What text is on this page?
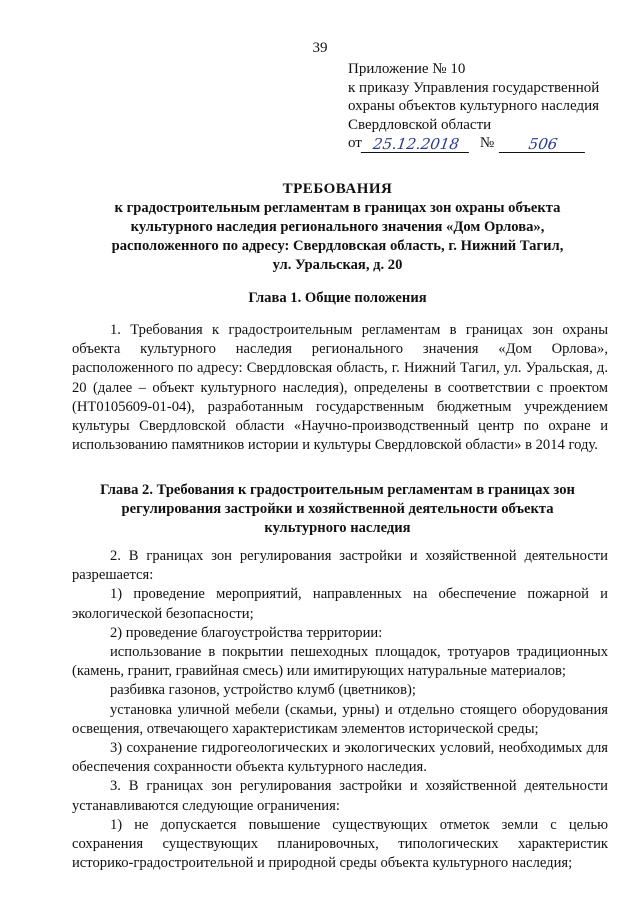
39
Приложение № 10
к приказу Управления государственной
охраны объектов культурного наследия
Свердловской области
от 25.12.2018	№	506
ТРЕБОВАНИЯ
к градостроительным регламентам в границах зон охраны объекта
культурного наследия регионального значения «Дом Орлова»,
расположенного по адресу: Свердловская область, г. Нижний Тагил,
ул. Уральская, д. 20
Глава 1. Общие положения

1. Требования к градостроительным регламентам в границах зон охраны объекта культурного наследия регионального значения «Дом Орлова», расположенного по адресу: Свердловская область, г. Нижний Тагил, ул. Уральская, д. 20 (далее – объект культурного наследия), определены в соответствии с проектом (НТ0105609-01-04), разработанным государственным бюджетным учреждением культуры Свердловской области «Научно-производственный центр по охране и использованию памятников истории и культуры Свердловской области» в 2014 году.

Глава 2. Требования к градостроительным регламентам в границах зон
регулирования застройки и хозяйственной деятельности объекта
культурного наследия

2. В границах зон регулирования застройки и хозяйственной деятельности разрешается:

1) проведение мероприятий, направленных на обеспечение пожарной и экологической безопасности;

2) проведение благоустройства территории:

использование в покрытии пешеходных площадок, тротуаров традиционных (камень, гранит, гравийная смесь) или имитирующих натуральные материалов;

разбивка газонов, устройство клумб (цветников);

установка уличной мебели (скамьи, урны) и отдельно стоящего оборудования освещения, отвечающего характеристикам элементов исторической среды;

3) сохранение гидрогеологических и экологических условий, необходимых для обеспечения сохранности объекта культурного наследия.

3. В границах зон регулирования застройки и хозяйственной деятельности устанавливаются следующие ограничения:

1) не допускается повышение существующих отметок земли с целью сохранения существующих планировочных, типологических характеристик историко-градостроительной и природной среды объекта культурного наследия;
